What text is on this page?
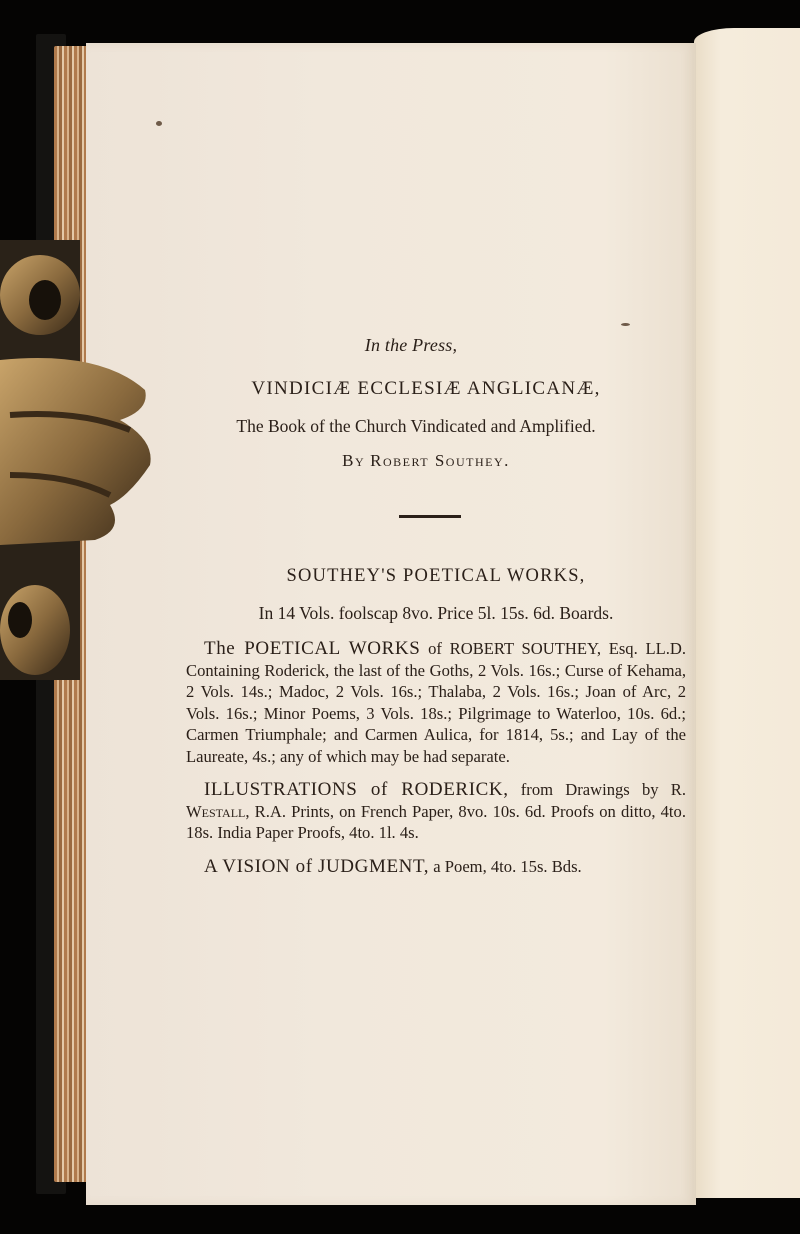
In the Press,
VINDICIÆ ECCLESIÆ ANGLICANÆ,
The Book of the Church Vindicated and Amplified.
By Robert Southey.
SOUTHEY'S POETICAL WORKS,
In 14 Vols. foolscap 8vo. Price 5l. 15s. 6d. Boards.
The POETICAL WORKS of ROBERT SOUTHEY, Esq. LL.D. Containing Roderick, the last of the Goths, 2 Vols. 16s.; Curse of Kehama, 2 Vols. 14s.; Madoc, 2 Vols. 16s.; Thalaba, 2 Vols. 16s.; Joan of Arc, 2 Vols. 16s.; Minor Poems, 3 Vols. 18s.; Pilgrimage to Waterloo, 10s. 6d.; Carmen Triumphale; and Carmen Aulica, for 1814, 5s.; and Lay of the Laureate, 4s.; any of which may be had separate.
ILLUSTRATIONS of RODERICK, from Drawings by R. Westall, R.A. Prints, on French Paper, 8vo. 10s. 6d. Proofs on ditto, 4to. 18s. India Paper Proofs, 4to. 1l. 4s.
A VISION of JUDGMENT, a Poem, 4to. 15s. Bds.
